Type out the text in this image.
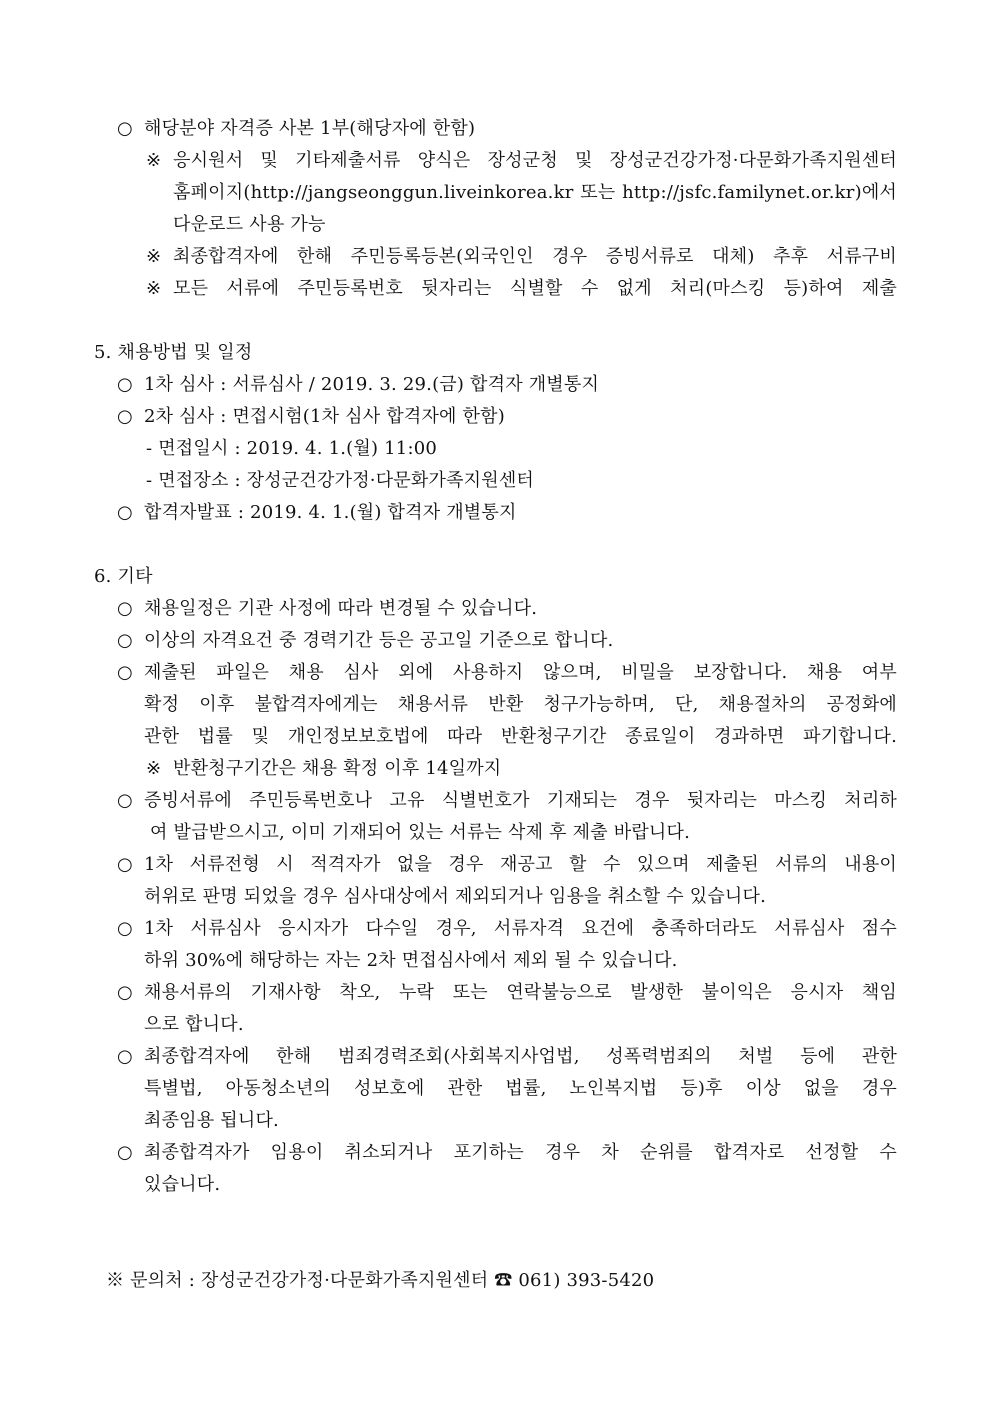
○ 해당분야 자격증 사본 1부(해당자에 한함)
※ 응시원서 및 기타제출서류 양식은 장성군청 및 장성군건강가정·다문화가족지원센터
홈페이지(http://jangseonggun.liveinkorea.kr 또는 http://jsfc.familynet.or.kr)에서
다운로드 사용 가능
※ 최종합격자에 한해 주민등록등본(외국인인 경우 증빙서류로 대체) 추후 서류구비
※ 모든 서류에 주민등록번호 뒷자리는 식별할 수 없게 처리(마스킹 등)하여 제출
5. 채용방법 및 일정
○ 1차 심사 : 서류심사 / 2019. 3. 29.(금) 합격자 개별통지
○ 2차 심사 : 면접시험(1차 심사 합격자에 한함)
- 면접일시 : 2019. 4. 1.(월) 11:00
- 면접장소 : 장성군건강가정·다문화가족지원센터
○ 합격자발표 : 2019. 4. 1.(월) 합격자 개별통지
6. 기타
○ 채용일정은 기관 사정에 따라 변경될 수 있습니다.
○ 이상의 자격요건 중 경력기간 등은 공고일 기준으로 합니다.
○ 제출된 파일은 채용 심사 외에 사용하지 않으며, 비밀을 보장합니다. 채용 여부
확정 이후 불합격자에게는 채용서류 반환 청구가능하며, 단, 채용절차의 공정화에
관한 법률 및 개인정보보호법에 따라 반환청구기간 종료일이 경과하면 파기합니다.
※ 반환청구기간은 채용 확정 이후 14일까지
○ 증빙서류에 주민등록번호나 고유 식별번호가 기재되는 경우 뒷자리는 마스킹 처리하
여 발급받으시고, 이미 기재되어 있는 서류는 삭제 후 제출 바랍니다.
○ 1차 서류전형 시 적격자가 없을 경우 재공고 할 수 있으며 제출된 서류의 내용이
허위로 판명 되었을 경우 심사대상에서 제외되거나 임용을 취소할 수 있습니다.
○ 1차 서류심사 응시자가 다수일 경우, 서류자격 요건에 충족하더라도 서류심사 점수
하위 30%에 해당하는 자는 2차 면접심사에서 제외 될 수 있습니다.
○ 채용서류의 기재사항 착오, 누락 또는 연락불능으로 발생한 불이익은 응시자 책임
으로 합니다.
○ 최종합격자에 한해 범죄경력조회(사회복지사업법, 성폭력범죄의 처벌 등에 관한
특별법, 아동청소년의 성보호에 관한 법률, 노인복지법 등)후 이상 없을 경우
최종임용 됩니다.
○ 최종합격자가 임용이 취소되거나 포기하는 경우 차 순위를 합격자로 선정할 수
있습니다.
※ 문의처 : 장성군건강가정·다문화가족지원센터 ☎ 061) 393-5420
